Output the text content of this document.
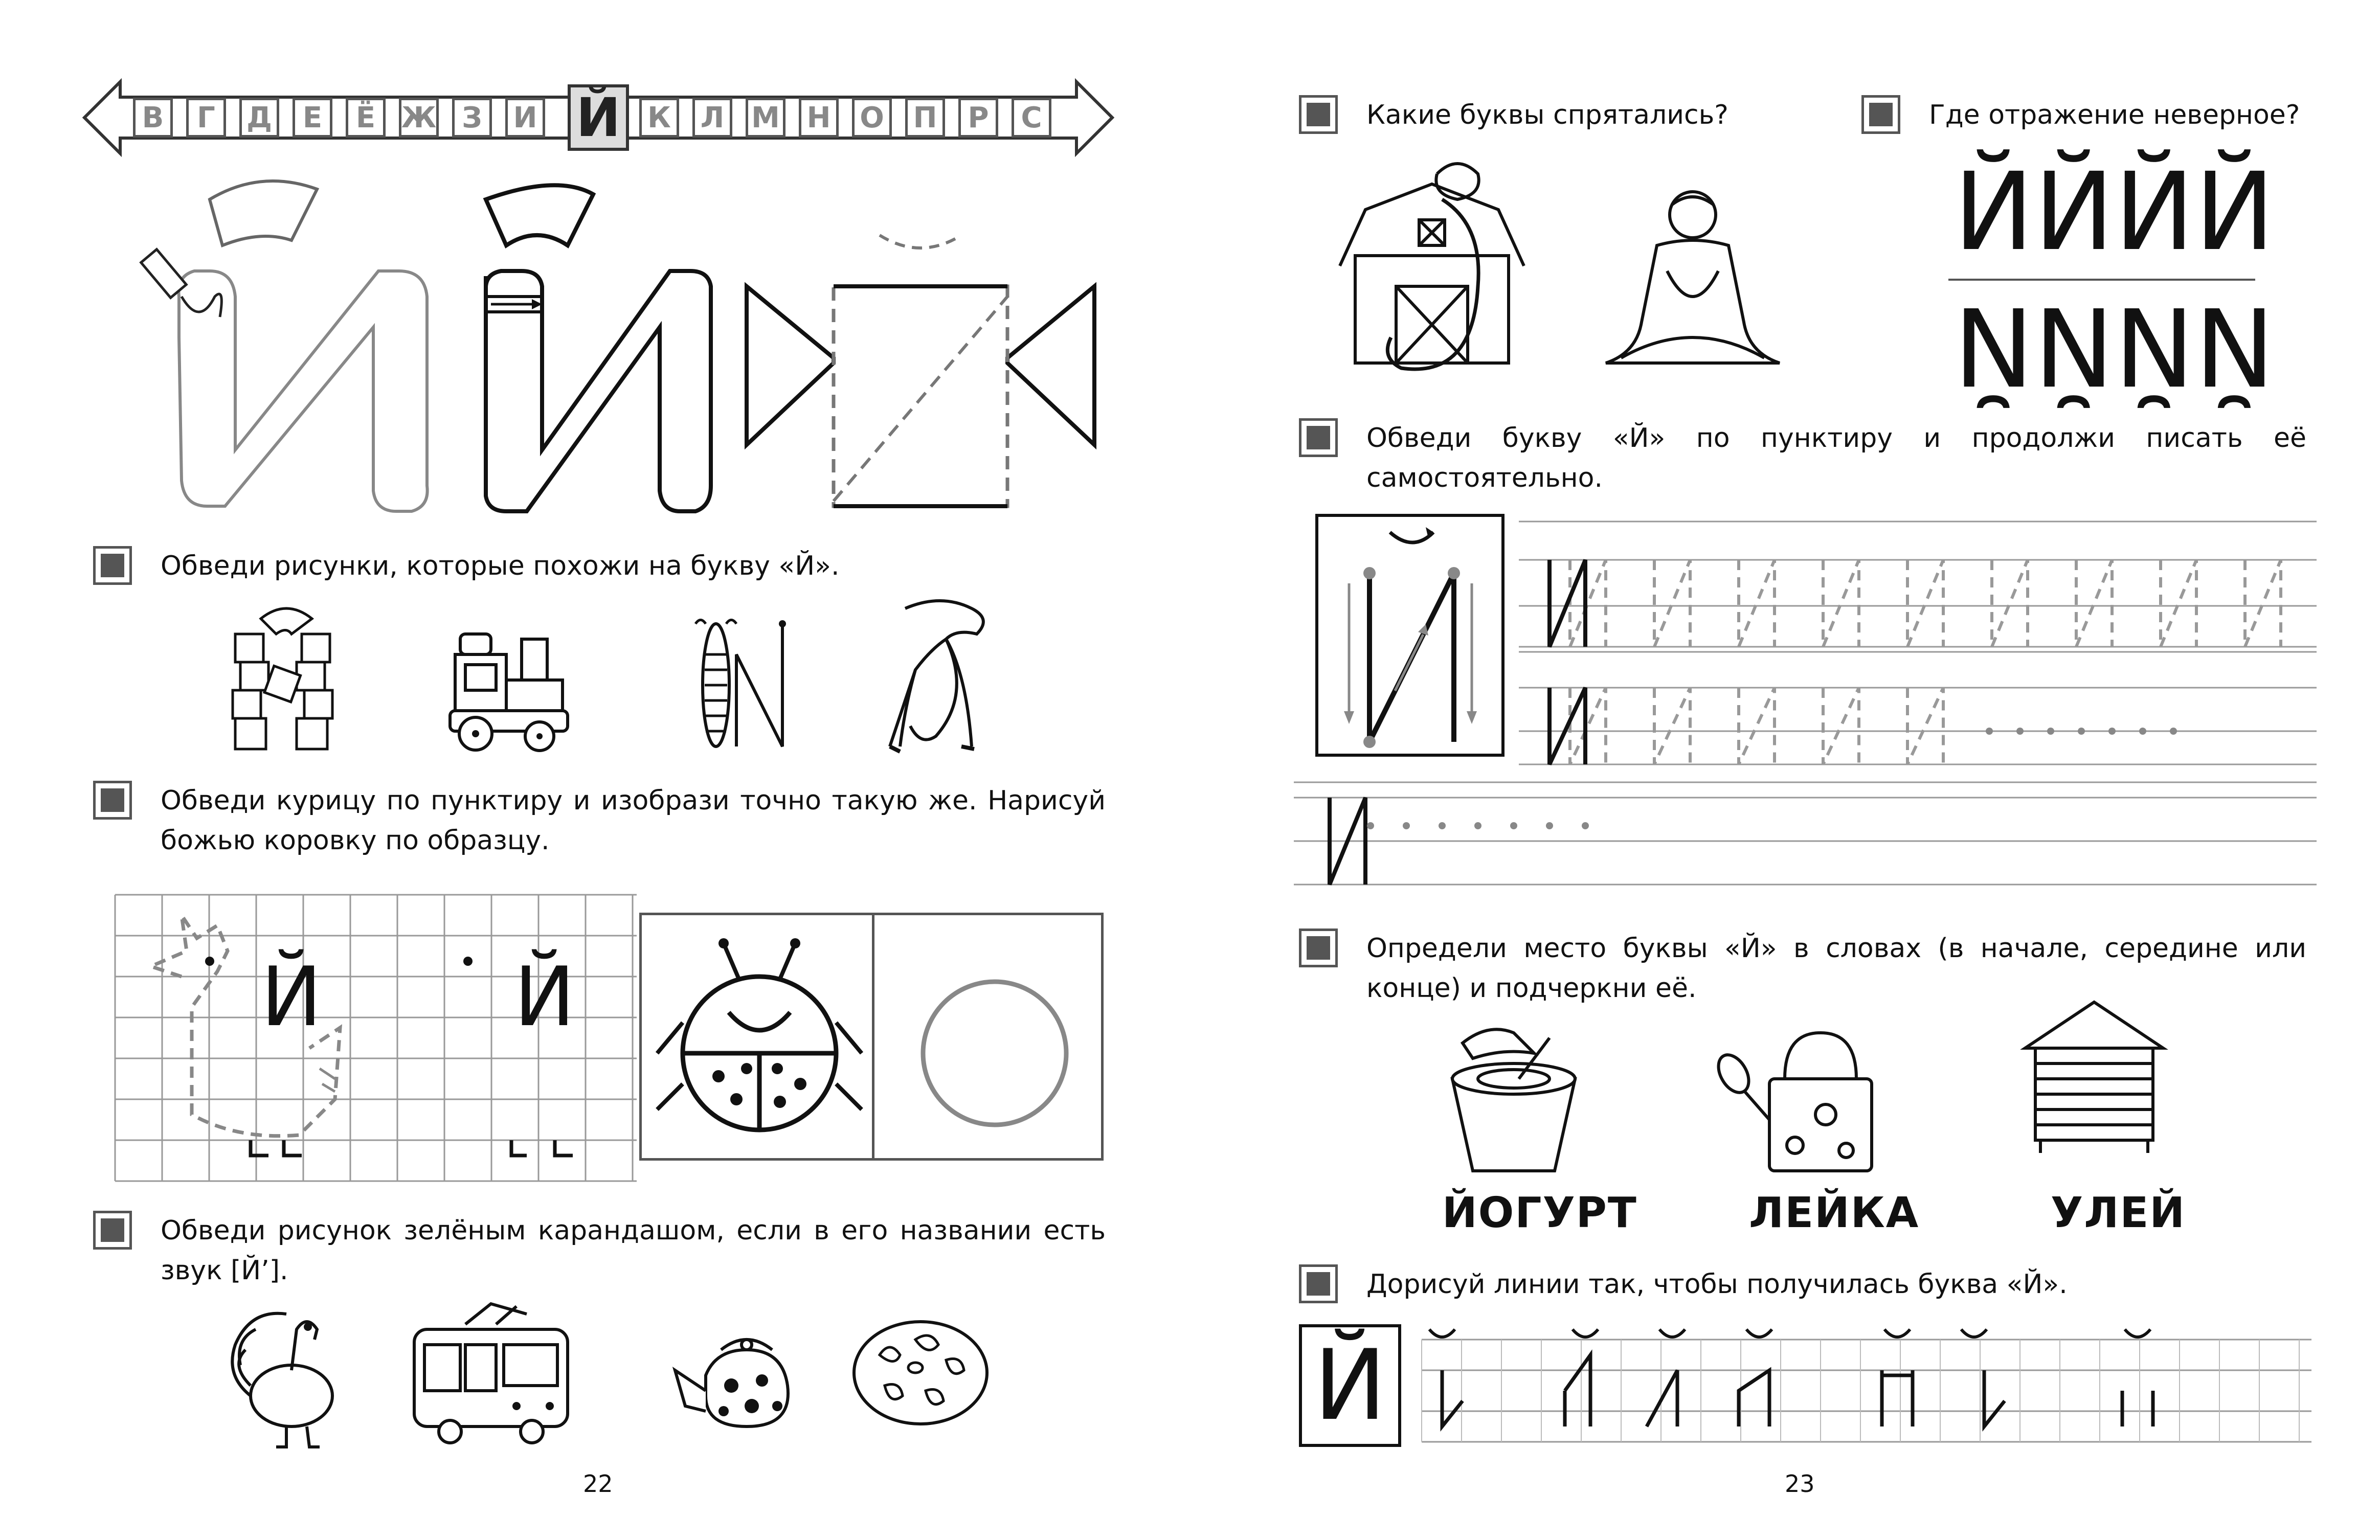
В	Г	Д	Е	Ё Ж З	И Й К Л М Н О П	Р	С
Обведи рисунки, которые похожи на букву «Й».
Обведи курицу по пунктиру и изобрази точно такую же. Нарисуй божью коровку по образцу.
Й Й
Обведи рисунок зелёным карандашом, если в его названии есть звук [Й’].
22
Какие буквы спрятались?	Где отражение неверное?
Й Й Й Й
Й Й Й Й
Обведи букву «Й» по пунктиру и продолжи писать её самостоятельно.
Определи место буквы «Й» в словах (в начале, середине или конце) и подчеркни её.
ЙОГУРТ	ЛЕЙКА	УЛЕЙ
Дорисуй линии так, чтобы получилась буква «Й».
Й
23
